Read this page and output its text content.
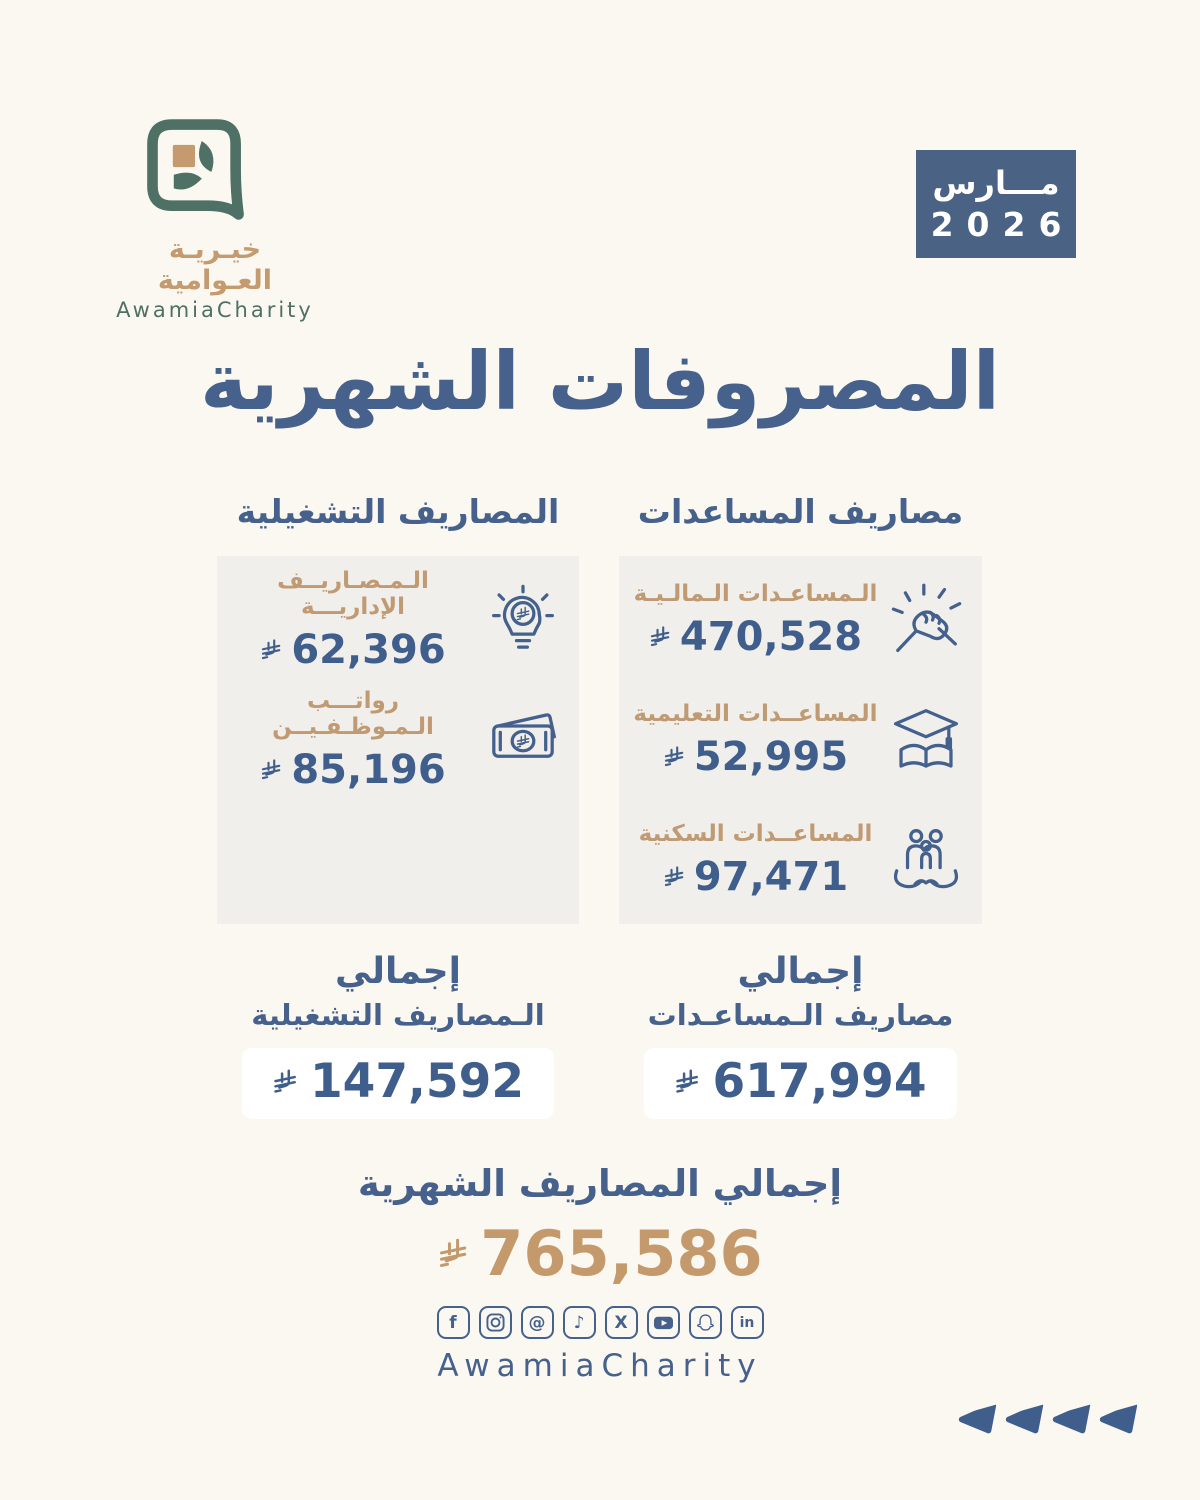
خيـريـة العـوامية
AwamiaCharity
مـــارس
2026
المصروفات الشهرية
مصاريف المساعدات
الـمساعـدات الـمالـيـة
470,528
المساعــدات التعليمية
52,995
المساعــدات السكنية
97,471
إجمالي
مصاريف الـمساعـدات
617,994
المصاريف التشغيلية
الـمـصـاريــف الإداريـــة
62,396
رواتـــب الـمـوظـفـيــن
85,196
إجمالي
الـمصاريف التشغيلية
147,592
إجمالي المصاريف الشهرية
765,586
f	@ ♪ X	in
AwamiaCharity
